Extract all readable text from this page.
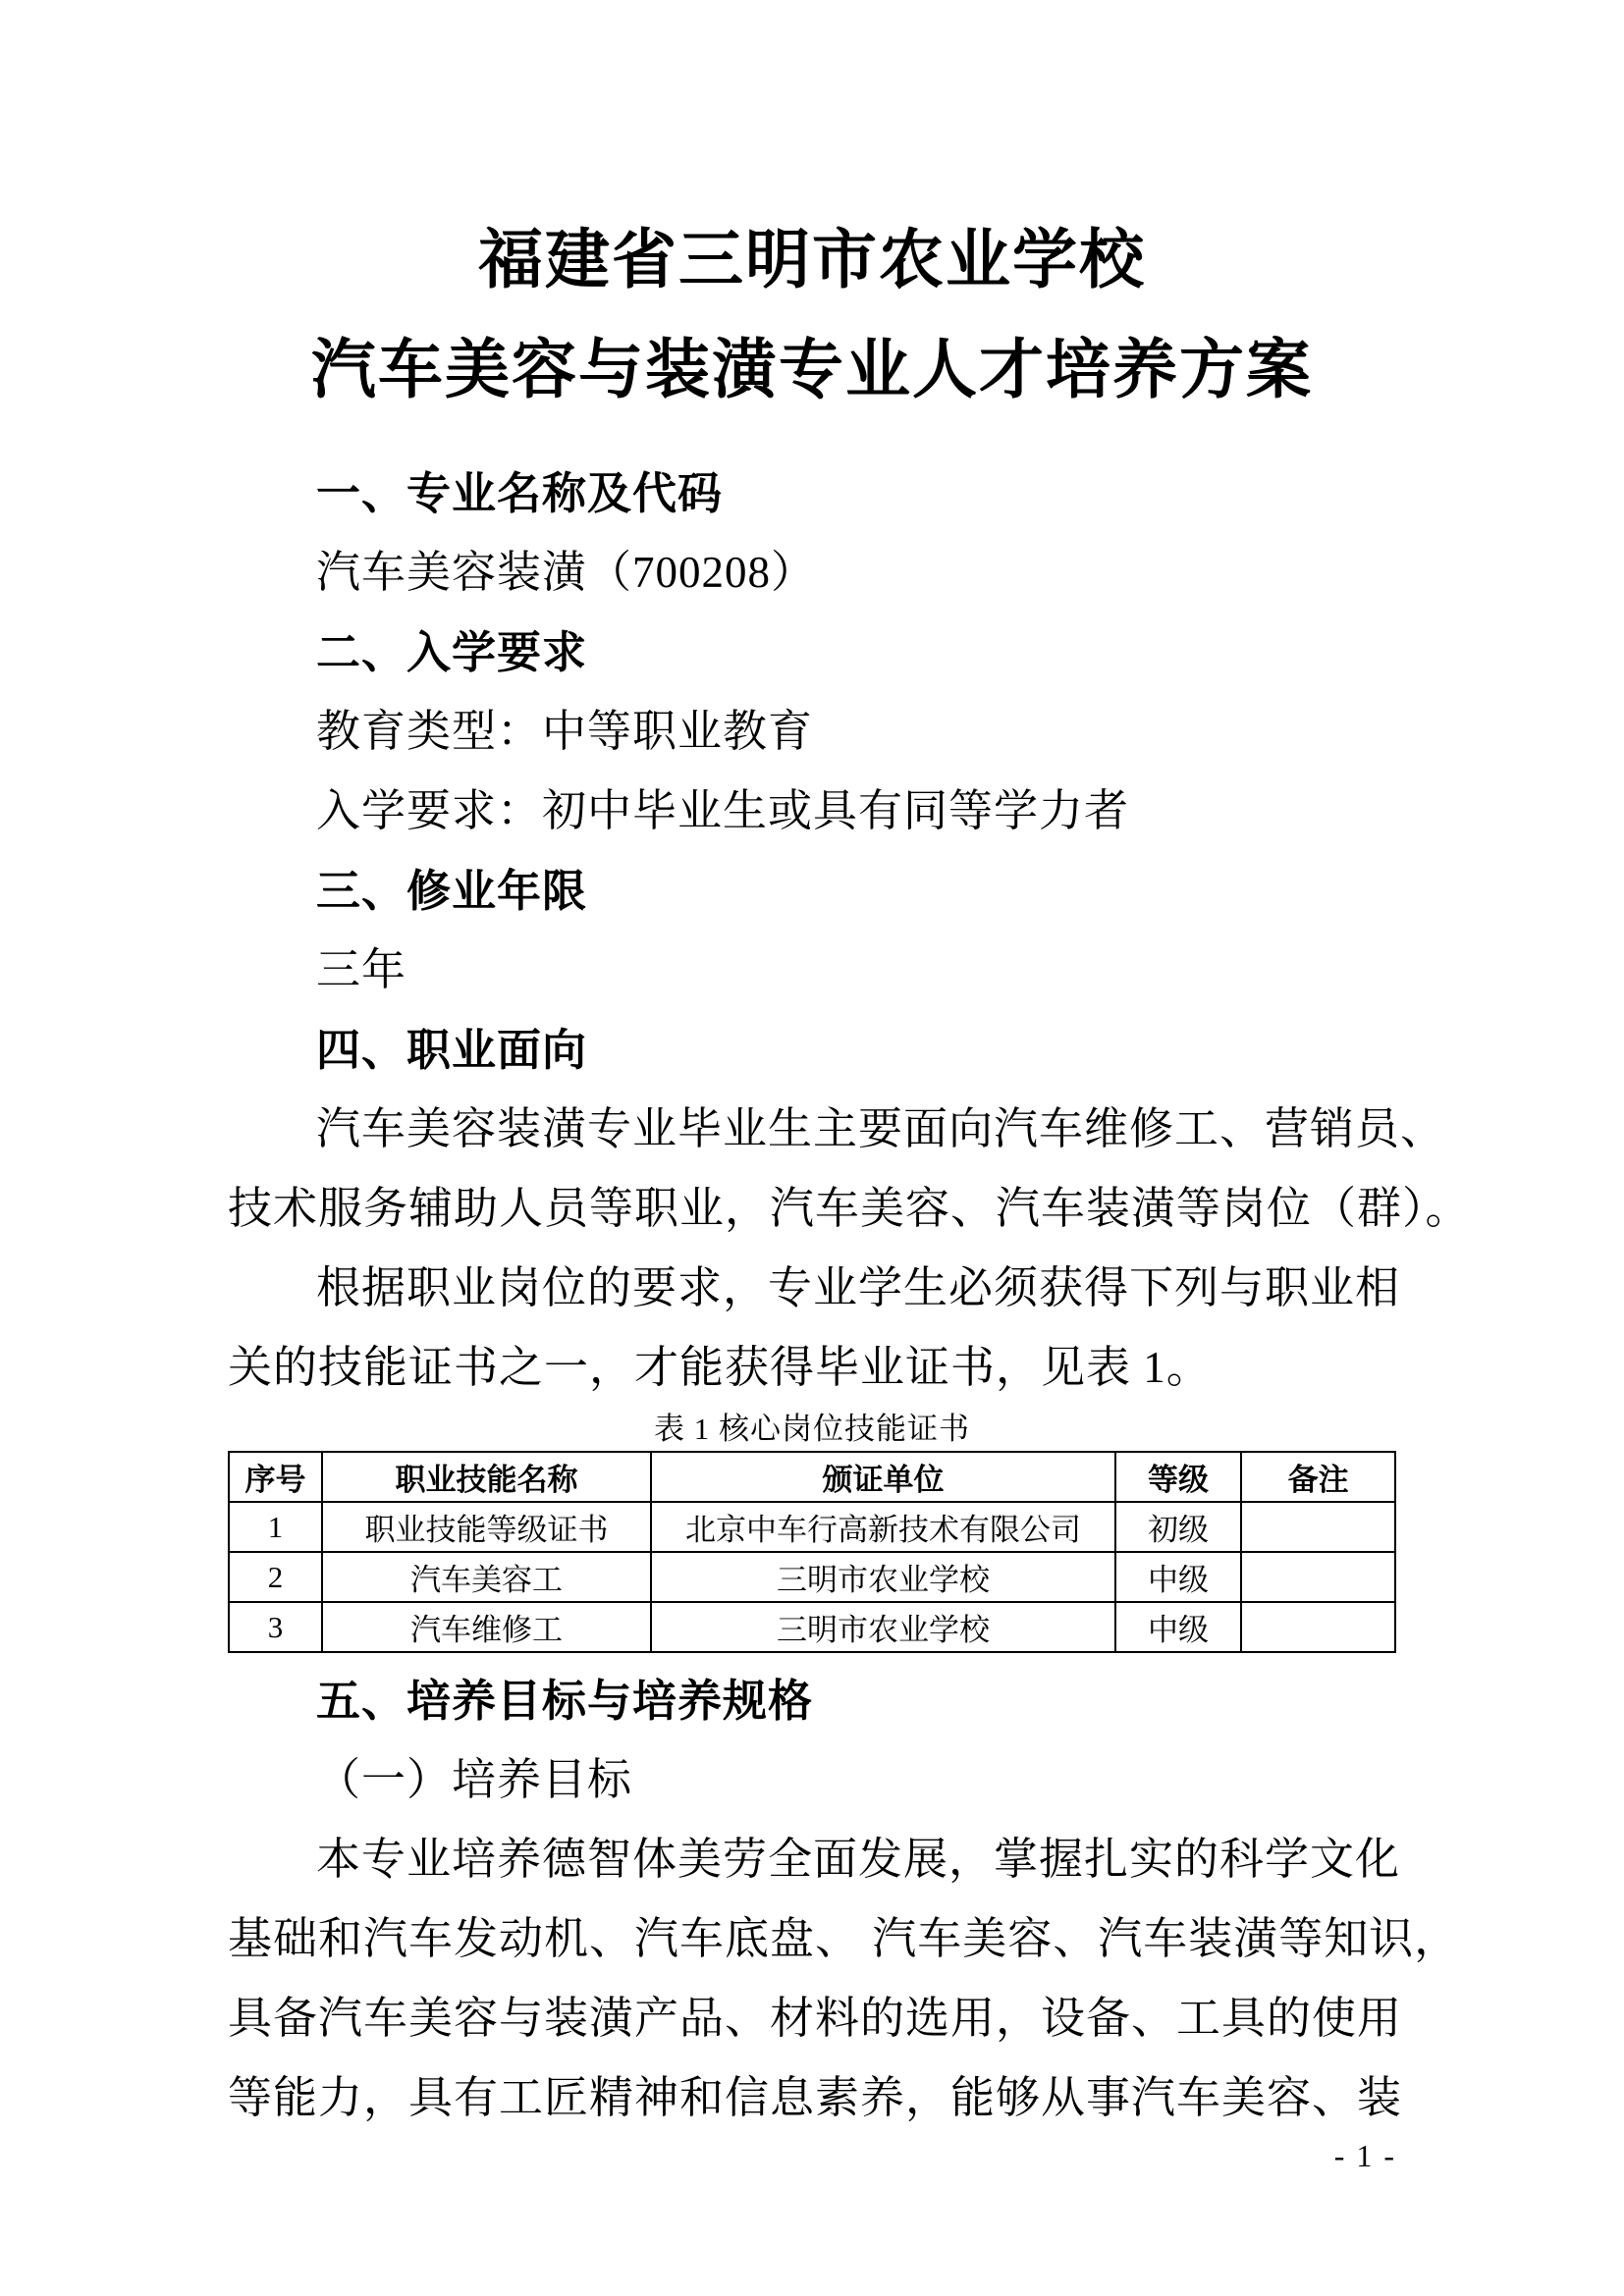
福建省三明市农业学校
汽车美容与装潢专业人才培养方案
一、专业名称及代码
汽车美容装潢（700208）
二、入学要求
教育类型：中等职业教育
入学要求：初中毕业生或具有同等学力者
三、修业年限
三年
四、职业面向
汽车美容装潢专业毕业生主要面向汽车维修工、营销员、
技术服务辅助人员等职业，汽车美容、汽车装潢等岗位（群）。
根据职业岗位的要求，专业学生必须获得下列与职业相
关的技能证书之一，才能获得毕业证书，见表 1。
表 1 核心岗位技能证书
序号	职业技能名称	颁证单位	等级	备注
1	职业技能等级证书	北京中车行高新技术有限公司	初级	
2	汽车美容工	三明市农业学校	中级	
3	汽车维修工	三明市农业学校	中级	
五、培养目标与培养规格
（一）培养目标
本专业培养德智体美劳全面发展，掌握扎实的科学文化
基础和汽车发动机、汽车底盘、 汽车美容、汽车装潢等知识，
具备汽车美容与装潢产品、材料的选用，设备、工具的使用
等能力，具有工匠精神和信息素养，能够从事汽车美容、装
- 1 -
